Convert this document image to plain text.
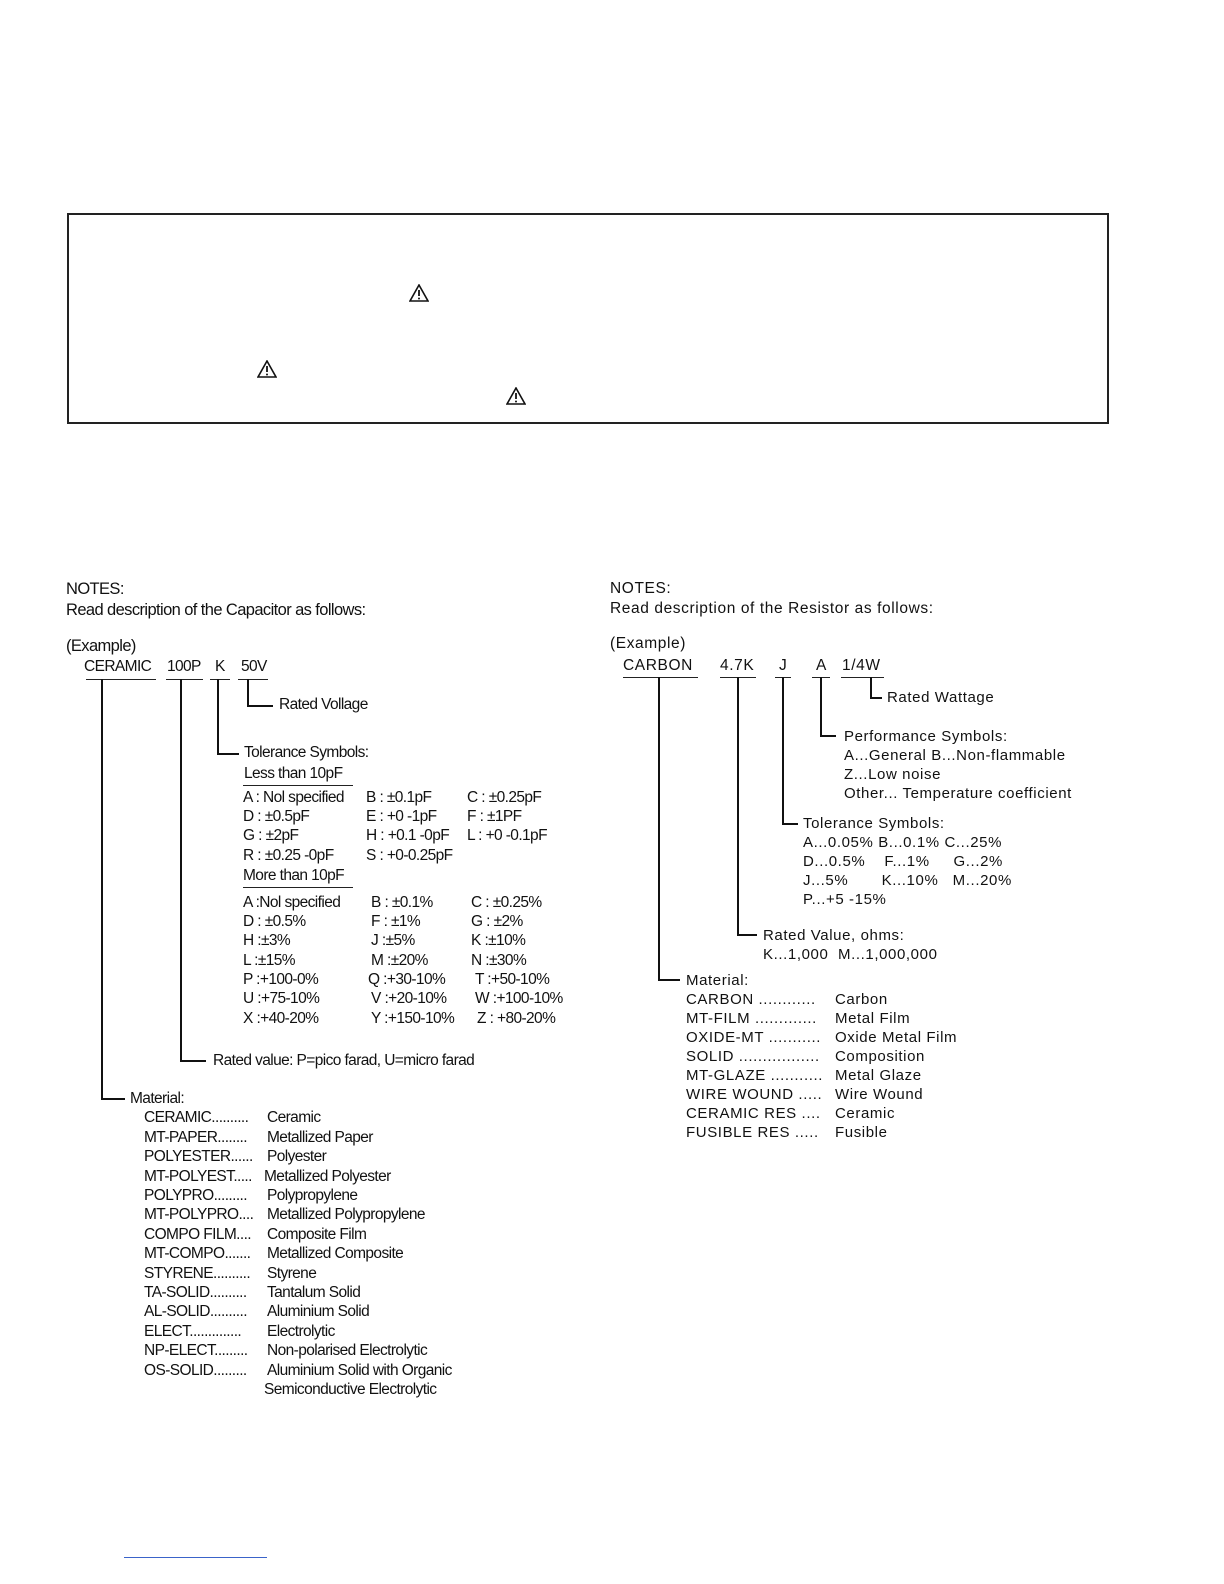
NOTES:
Read description of the Capacitor as follows:
(Example)
CERAMIC 100P K 50V
Rated Vollage
Tolerance Symbols:
Less than 10pF
A : Nol specified B : ±0.1pF C : ±0.25pF
D : ±0.5pF	E : +0 -1pF F : ±1PF
G : ±2pF	H : +0.1 -0pF L : +0 -0.1pF
R : ±0.25 -0pF S : +0-0.25pF
More than 10pF
A :Nol specified B : ±0.1% C : ±0.25%
D : ±0.5%	F : ±1%	G : ±2%
H :±3%	J :±5%	K :±10%
L :±15%	M :±20%	N :±30%
P :+100-0%	Q :+30-10% T :+50-10%
U :+75-10%	V :+20-10% W :+100-10%
X :+40-20%	Y :+150-10% Z : +80-20%
Rated value: P=pico farad, U=micro farad
Material:
CERAMIC.......... Ceramic
MT-PAPER........ Metallized Paper
POLYESTER...... Polyester
MT-POLYEST..... Metallized Polyester
POLYPRO......... Polypropylene
MT-POLYPRO.... Metallized Polypropylene
COMPO FILM.... Composite Film
MT-COMPO....... Metallized Composite
STYRENE.......... Styrene
TA-SOLID.......... Tantalum Solid
AL-SOLID.......... Aluminium Solid
ELECT.............. Electrolytic
NP-ELECT......... Non-polarised Electrolytic
OS-SOLID......... Aluminium Solid with Organic
Semiconductive Electrolytic
NOTES:
Read description of the Resistor as follows:
(Example)
CARBON 4.7K J A 1/4W
Rated Wattage
Performance Symbols:
A...General B...Non-flammable
Z...Low noise
Other... Temperature coefficient
Tolerance Symbols:
A...0.05% B...0.1% C...25%
D...0.5%    F...1%     G...2%
J...5%       K...10%   M...20%
P...+5 -15%
Rated Value, ohms:
K...1,000  M...1,000,000
Material:
CARBON ............ Carbon
MT-FILM ............. Metal Film
OXIDE-MT ........... Oxide Metal Film
SOLID ................. Composition
MT-GLAZE ........... Metal Glaze
WIRE WOUND ..... Wire Wound
CERAMIC RES .... Ceramic
FUSIBLE RES ..... Fusible
